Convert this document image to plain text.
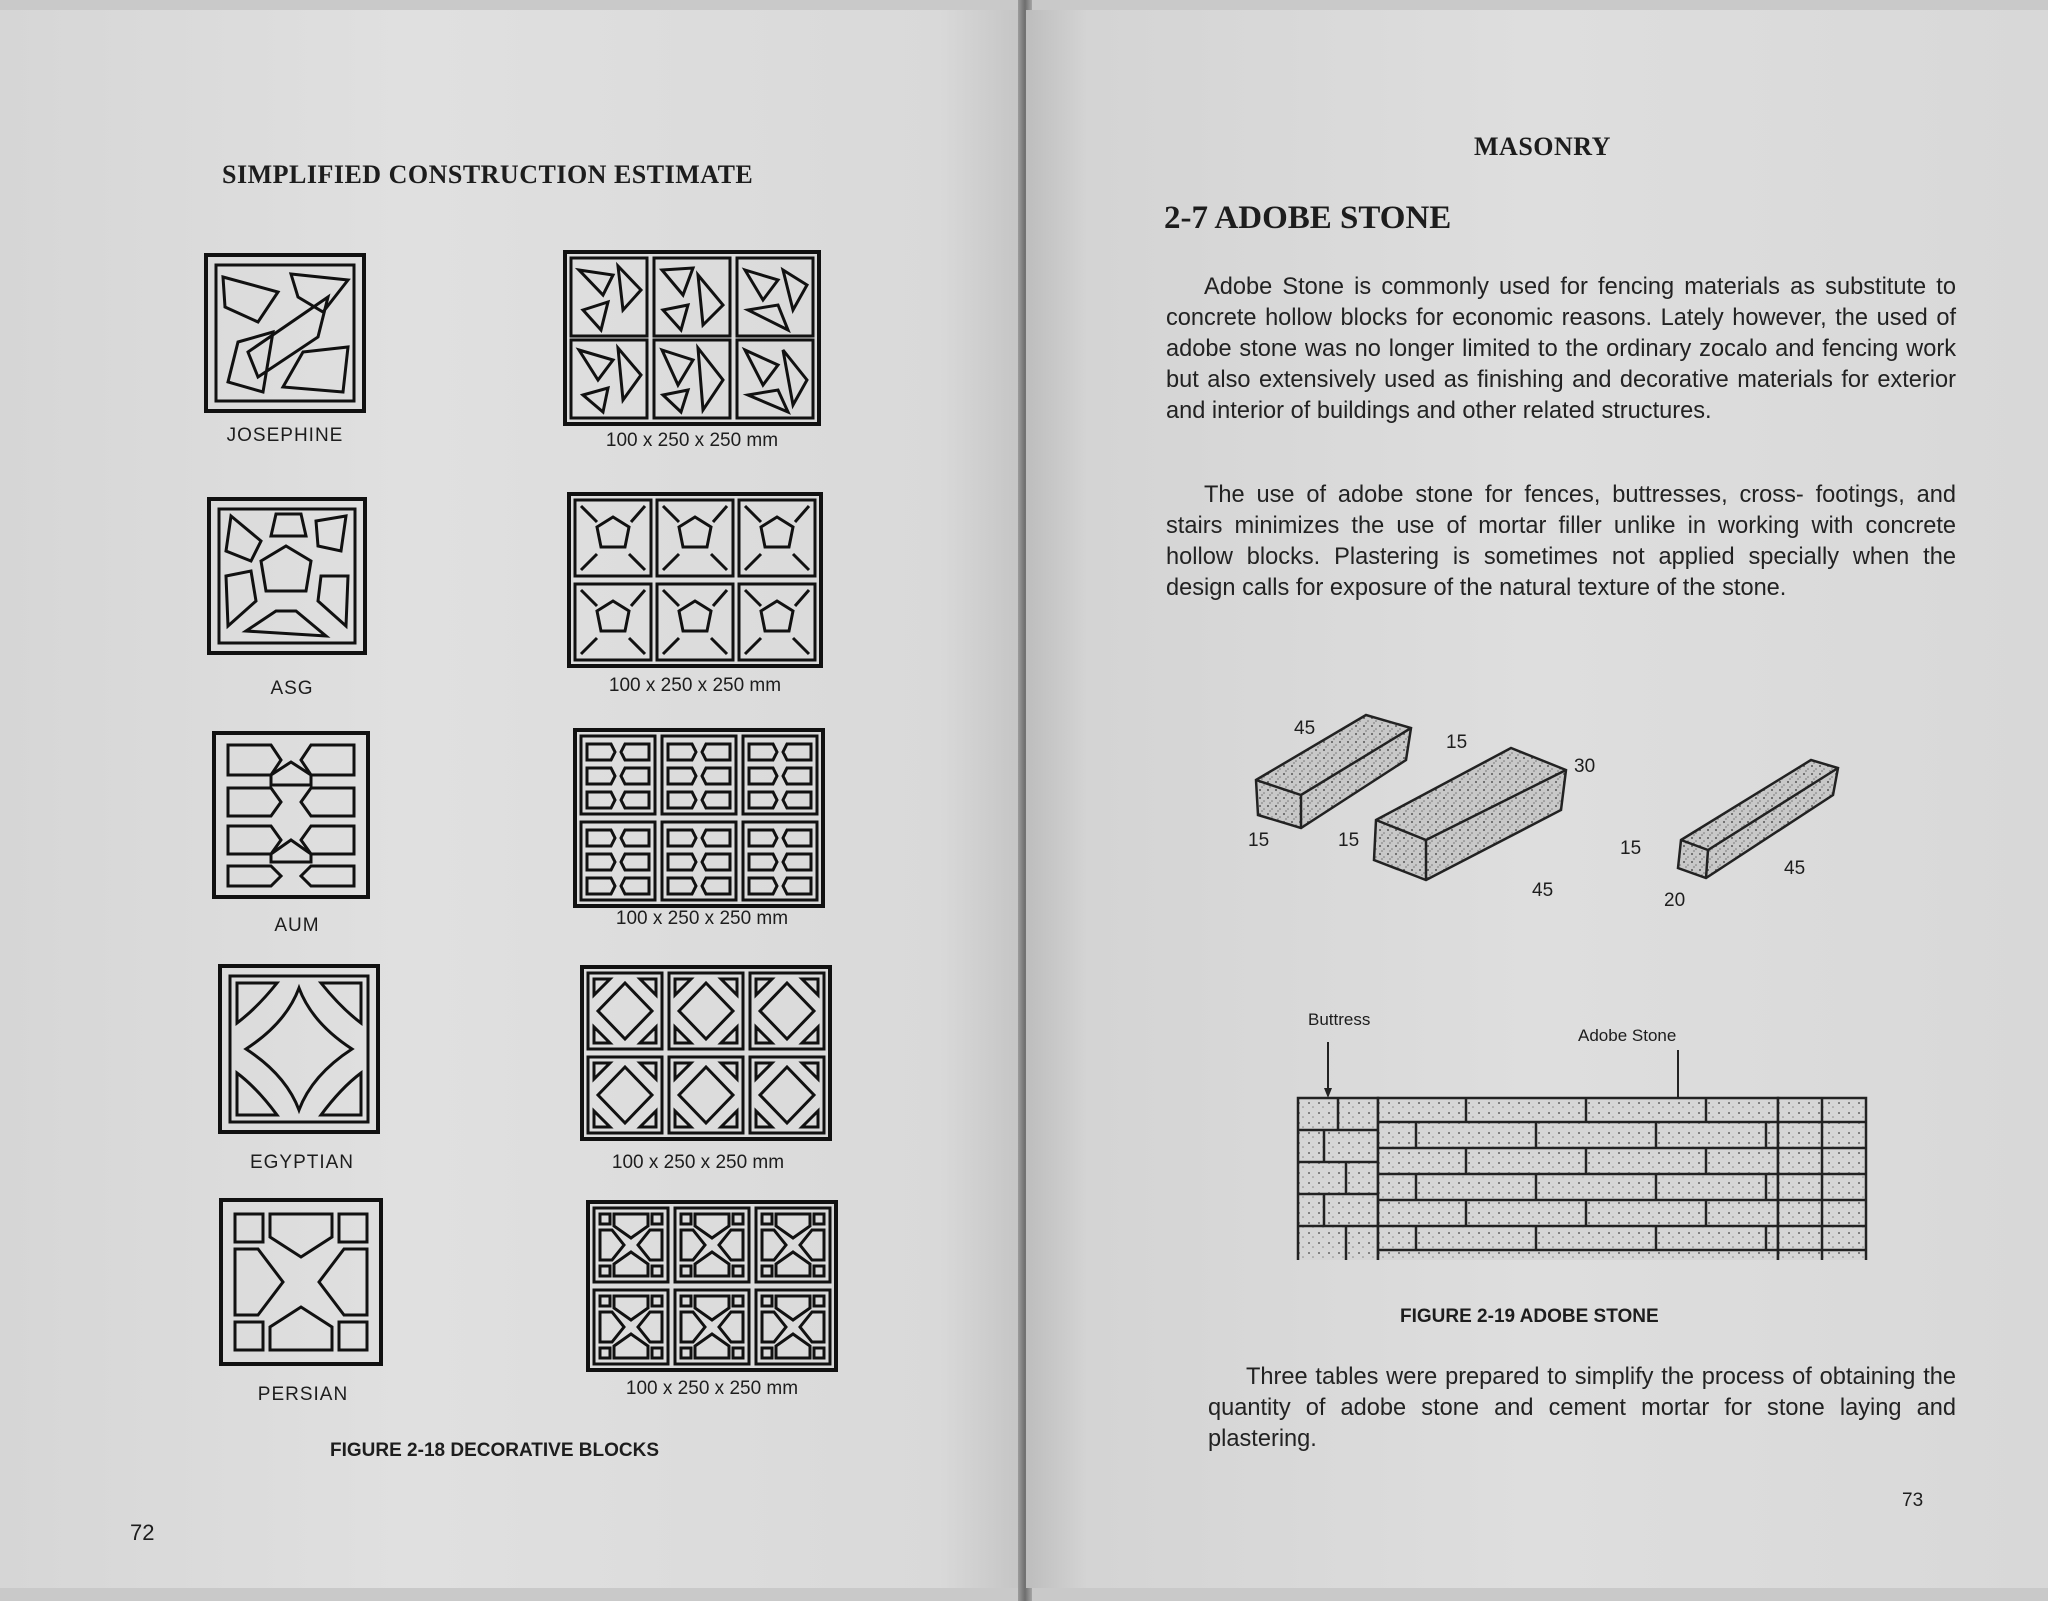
SIMPLIFIED CONSTRUCTION ESTIMATE
JOSEPHINE	100 x 250 x 250 mm
ASG	100 x 250 x 250 mm
AUM	100 x 250 x 250 mm
EGYPTIAN	100 x 250 x 250 mm
PERSIAN	100 x 250 x 250 mm
FIGURE 2-18 DECORATIVE BLOCKS
72
MASONRY
2-7 ADOBE STONE

Adobe Stone is commonly used for fencing materials as substitute to concrete hollow blocks for economic reasons. Lately however, the used of adobe stone was no longer limited to the ordinary zocalo and fencing work but also extensively used as finishing and decorative materials for exterior and interior of buildings and other related structures.

The use of adobe stone for fences, buttresses, cross- footings, and stairs minimizes the use of mortar filler unlike in working with concrete hollow blocks. Plastering is sometimes not applied specially when the design calls for exposure of the natural texture of the stone.

45
15
15	15
30
15
45	20
45
Buttress
Adobe Stone
FIGURE 2-19 ADOBE STONE

Three tables were prepared to simplify the process of obtaining the quantity of adobe stone and cement mortar for stone laying and plastering.

73
